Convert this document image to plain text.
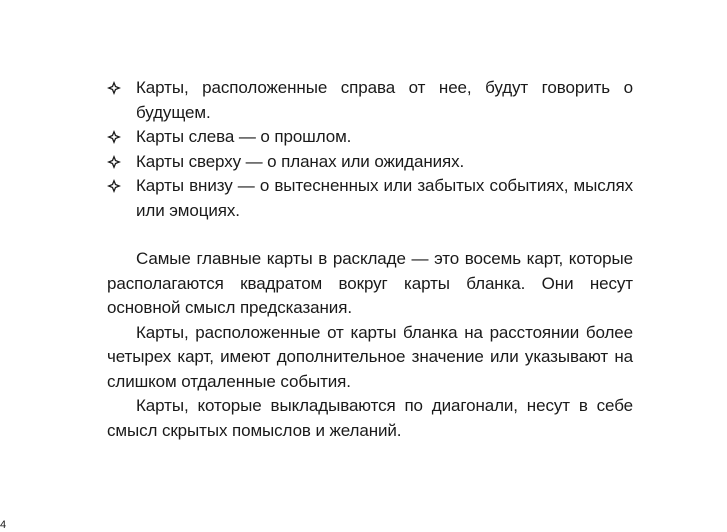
Карты, расположенные справа от нее, будут говорить о будущем.
Карты слева — о прошлом.
Карты сверху — о планах или ожиданиях.
Карты внизу — о вытесненных или забытых событиях, мыслях или эмоциях.

Самые главные карты в раскладе — это восемь карт, которые располагаются квадратом вокруг карты бланка. Они несут основной смысл предсказания.

Карты, расположенные от карты бланка на расстоянии более четырех карт, имеют дополнительное значение или указывают на слишком отдаленные события.

Карты, которые выкладываются по диагонали, несут в себе смысл скрытых помыслов и желаний.

4
